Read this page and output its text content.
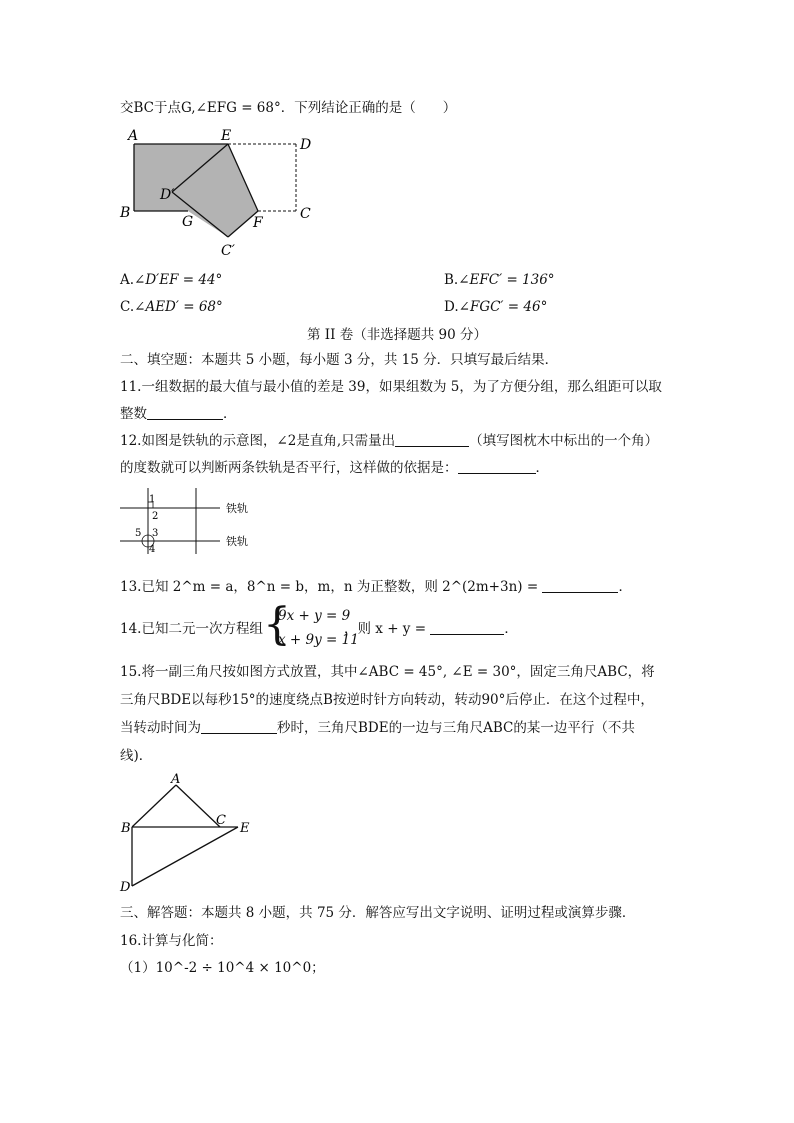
交BC于点G,∠EFG = 68°．下列结论正确的是（　　）
A	E
D
D′
B
G	F
C
C′
A.∠D′EF = 44°	B.∠EFC′ = 136°
C.∠AED′ = 68°	D.∠FGC′ = 46°
第 II 卷（非选择题共 90 分）
二、填空题：本题共 5 小题，每小题 3 分，共 15 分．只填写最后结果．
11.一组数据的最大值与最小值的差是 39，如果组数为 5，为了方便分组，那么组距可以取
整数	．
12.如图是铁轨的示意图，∠2是直角,只需量出	（填写图枕木中标出的一个角）
的度数就可以判断两条铁轨是否平行，这样做的依据是：	．
1
2
5 3
4
铁轨
铁轨
13.已知 2^m = a，8^n = b，m，n 为正整数，则 2^(2m+3n) =	．
14.已知二元一次方程组 {
9x + y = 9
x + 9y = 11
，则 x + y =	．
15.将一副三角尺按如图方式放置，其中∠ABC = 45°, ∠E = 30°，固定三角尺ABC，将
三角尺BDE以每秒15°的速度绕点B按逆时针方向转动，转动90°后停止．在这个过程中，
当转动时间为	秒时，三角尺BDE的一边与三角尺ABC的某一边平行（不共
线)．
A
B
C
E
D
三、解答题：本题共 8 小题，共 75 分．解答应写出文字说明、证明过程或演算步骤．
16.计算与化简：
（1）10^-2 ÷ 10^4 × 10^0；
